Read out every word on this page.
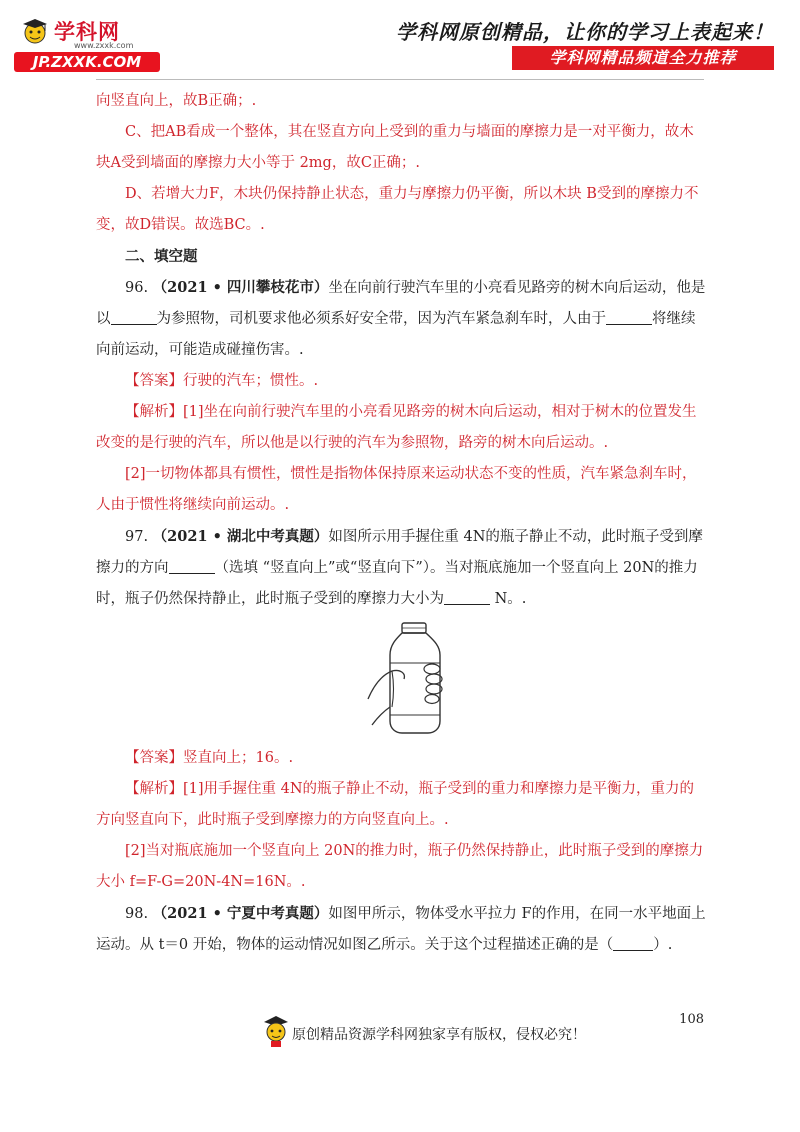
学科网
www.zxxk.com
JP.ZXXK.COM
学科网原创精品，让你的学习上表起来！
学科网精品频道全力推荐

向竖直向上，故B正确；.

C、把AB看成一个整体，其在竖直方向上受到的重力与墙面的摩擦力是一对平衡力，故木块A受到墙面的摩擦力大小等于 2mg，故C正确；.

D、若增大力F，木块仍保持静止状态，重力与摩擦力仍平衡，所以木块 B受到的摩擦力不变，故D错误。故选BC。.

二、填空题

96. （2021 • 四川攀枝花市）坐在向前行驶汽车里的小亮看见路旁的树木向后运动，他是以	为参照物，司机要求他必须系好安全带，因为汽车紧急刹车时，人由于	将继续向前运动，可能造成碰撞伤害。.

【答案】行驶的汽车；惯性。.

【解析】[1]坐在向前行驶汽车里的小亮看见路旁的树木向后运动，相对于树木的位置发生改变的是行驶的汽车，所以他是以行驶的汽车为参照物，路旁的树木向后运动。.

[2]一切物体都具有惯性，惯性是指物体保持原来运动状态不变的性质，汽车紧急刹车时，人由于惯性将继续向前运动。.

97. （2021 • 湖北中考真题）如图所示用手握住重 4N的瓶子静止不动，此时瓶子受到摩擦力的方向	（选填 “竖直向上”或“竖直向下”）。当对瓶底施加一个竖直向上 20N的推力时，瓶子仍然保持静止，此时瓶子受到的摩擦力大小为	N。.

【答案】竖直向上；16。.

【解析】[1]用手握住重 4N的瓶子静止不动，瓶子受到的重力和摩擦力是平衡力，重力的方向竖直向下，此时瓶子受到摩擦力的方向竖直向上。.

[2]当对瓶底施加一个竖直向上 20N的推力时，瓶子仍然保持静止，此时瓶子受到的摩擦力大小 f=F-G=20N-4N=16N。.

98. （2021 • 宁夏中考真题）如图甲所示，物体受水平拉力 F的作用，在同一水平地面上运动。从 t＝0 开始，物体的运动情况如图乙所示。关于这个过程描述正确的是（	）.

108
原创精品资源学科网独家享有版权，侵权必究！
